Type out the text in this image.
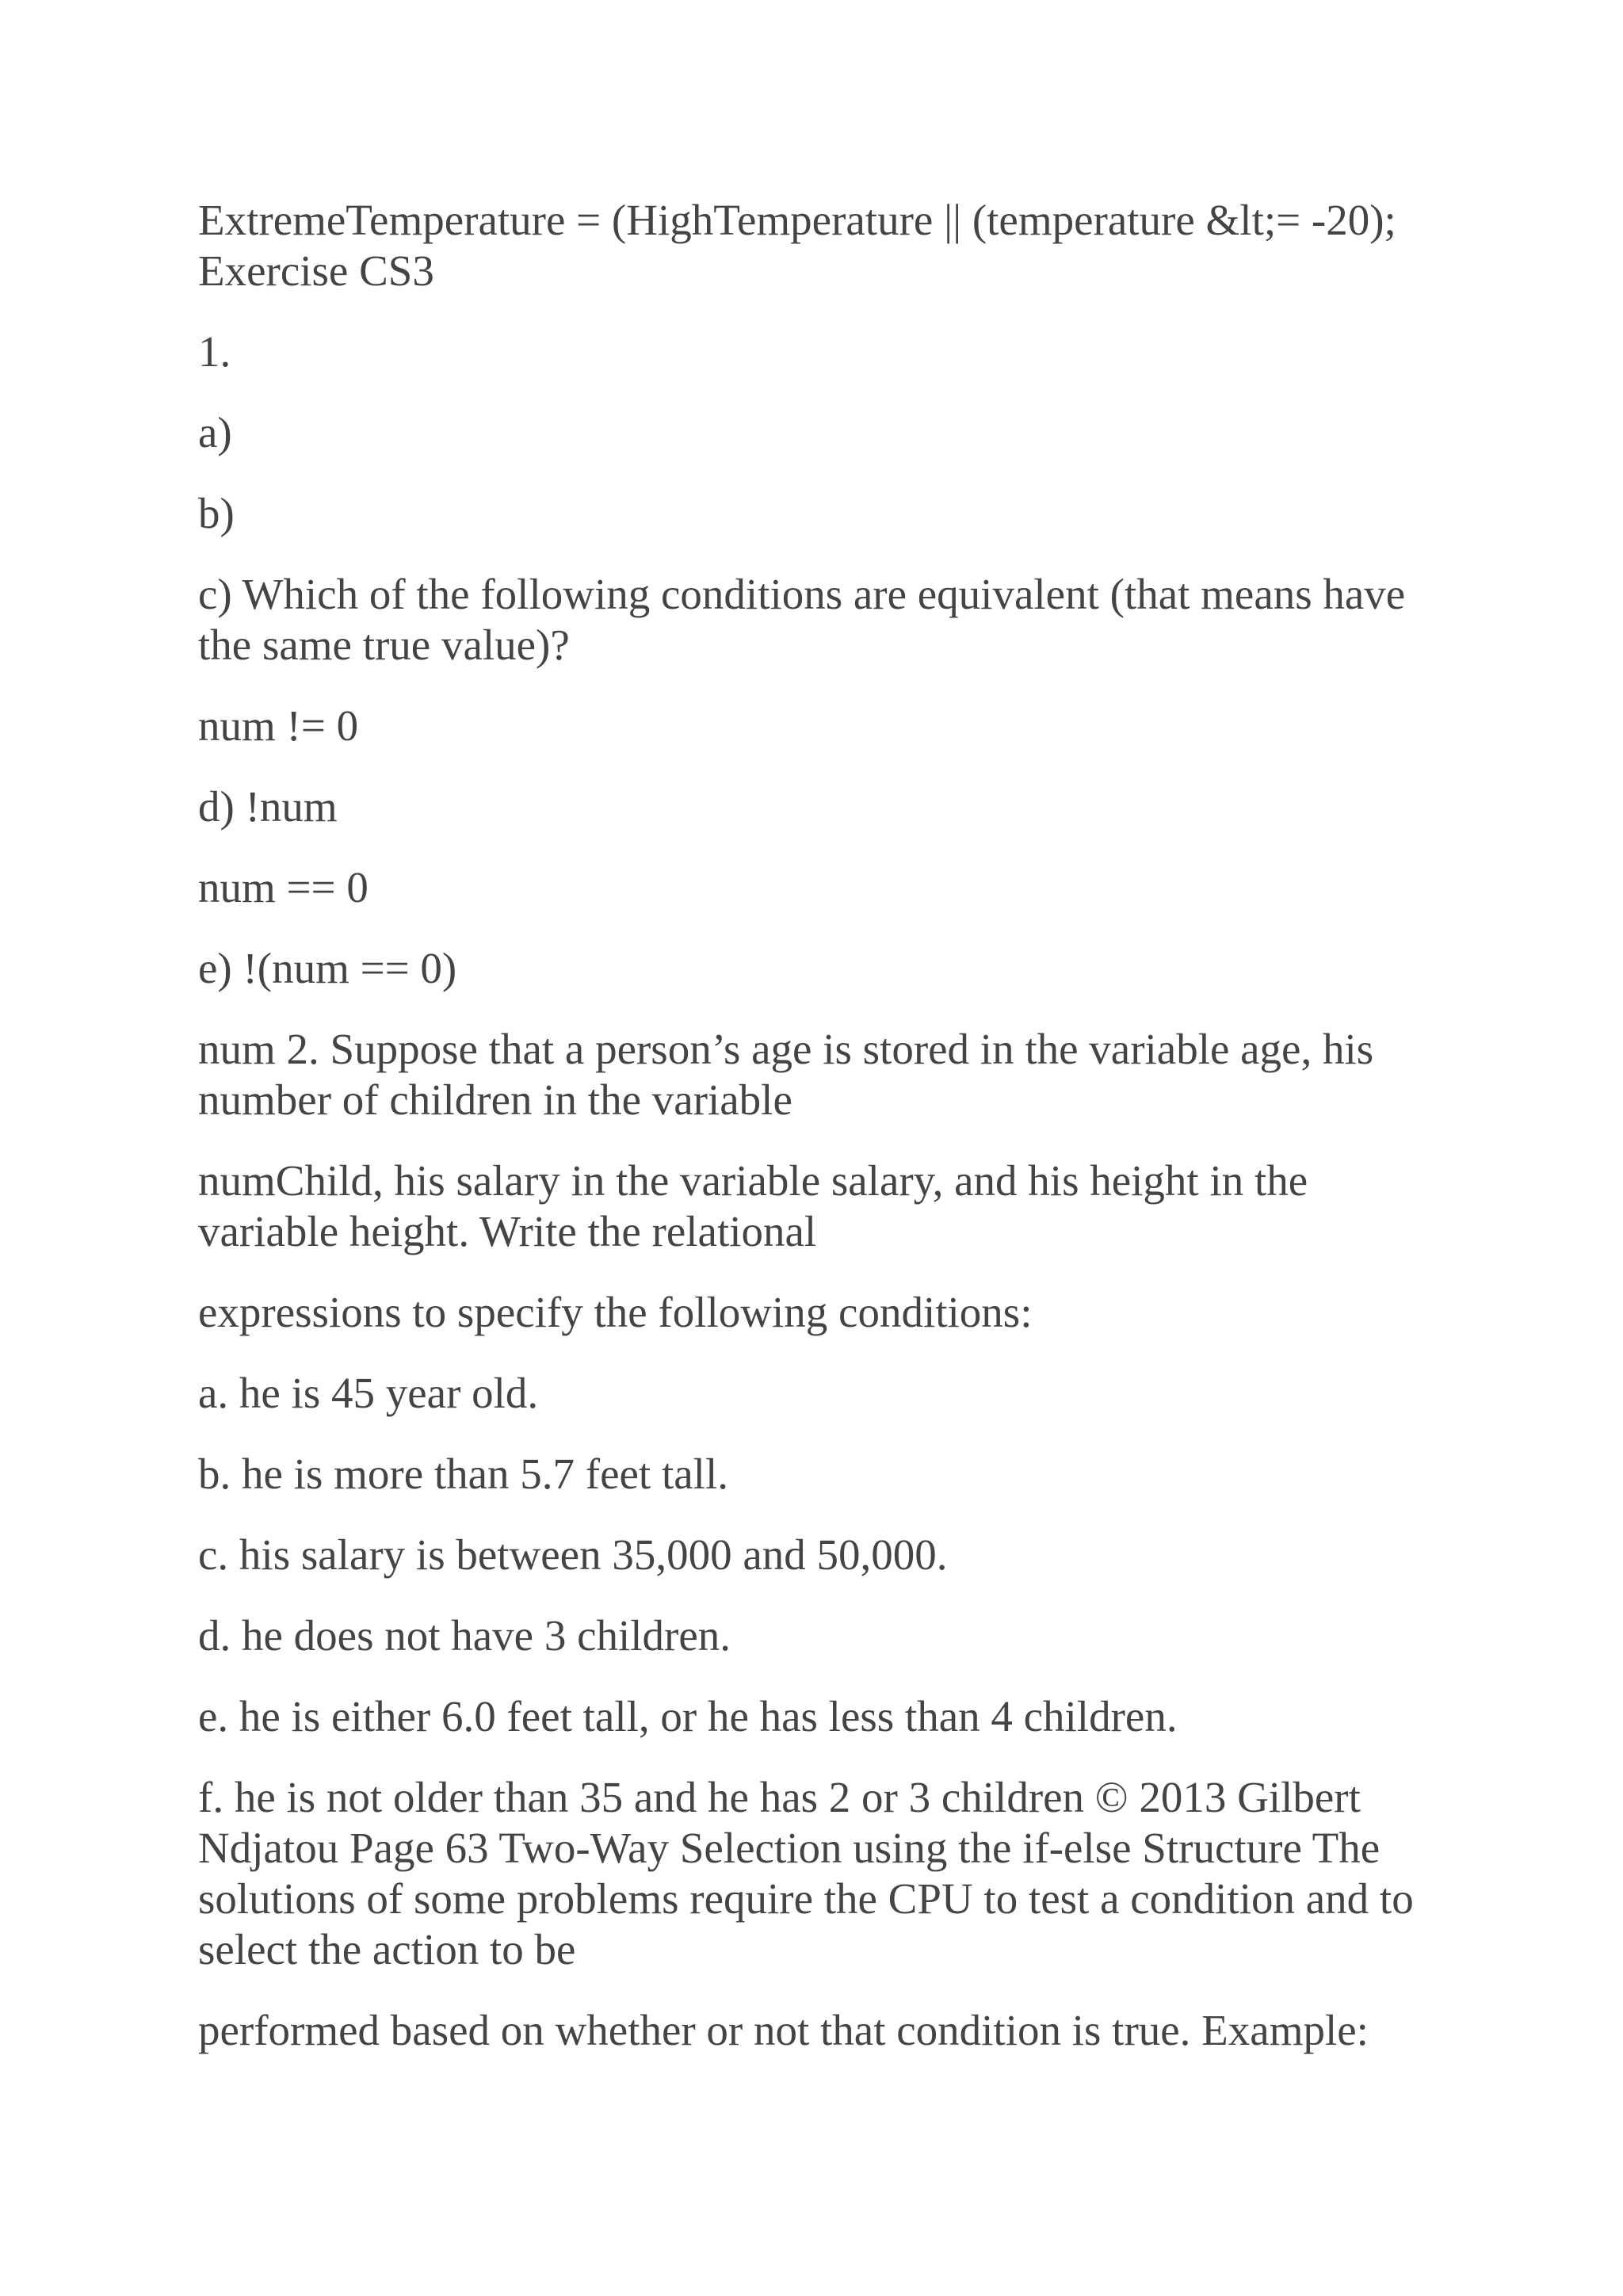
ExtremeTemperature = (HighTemperature || (temperature &lt;= -20);
Exercise CS3

1.

a)

b)

c) Which of the following conditions are equivalent (that means have
the same true value)?

num != 0

d) !num

num == 0

e) !(num == 0)

num 2. Suppose that a person’s age is stored in the variable age, his
number of children in the variable

numChild, his salary in the variable salary, and his height in the
variable height. Write the relational

expressions to specify the following conditions:

a. he is 45 year old.

b. he is more than 5.7 feet tall.

c. his salary is between 35,000 and 50,000.

d. he does not have 3 children.

e. he is either 6.0 feet tall, or he has less than 4 children.

f. he is not older than 35 and he has 2 or 3 children © 2013 Gilbert
Ndjatou Page 63 Two-Way Selection using the if-else Structure The
solutions of some problems require the CPU to test a condition and to
select the action to be

performed based on whether or not that condition is true. Example:
